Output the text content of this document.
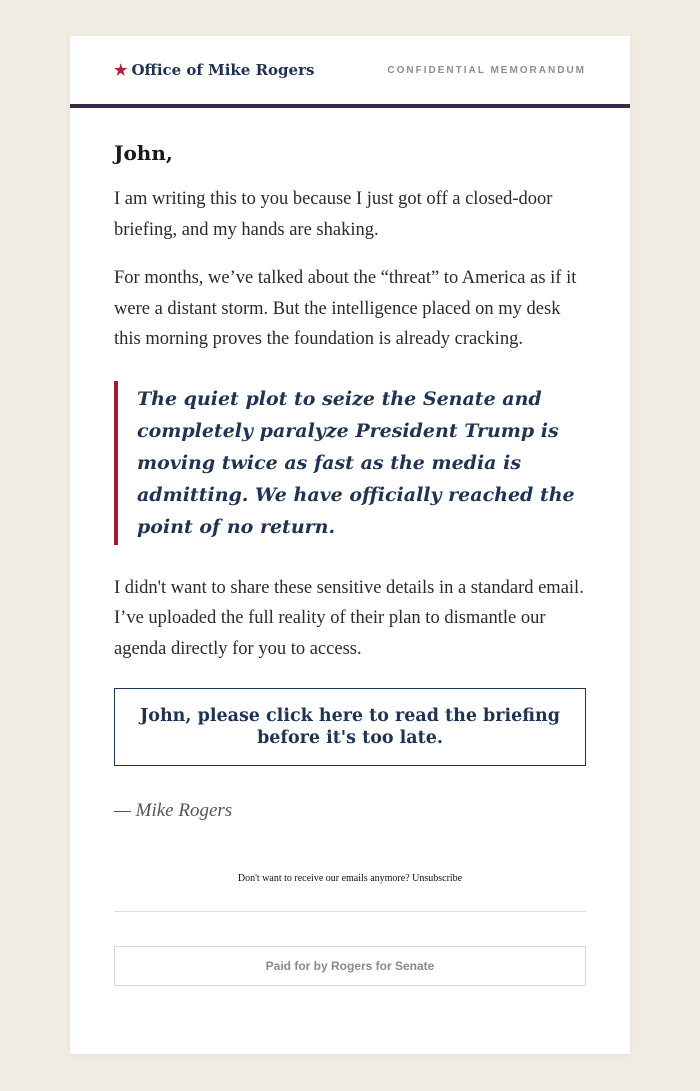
★ Office of Mike Rogers	CONFIDENTIAL MEMORANDUM
John,

I am writing this to you because I just got off a closed-door briefing, and my hands are shaking.

For months, we’ve talked about the “threat” to America as if it were a distant storm. But the intelligence placed on my desk this morning proves the foundation is already cracking.

The quiet plot to seize the Senate and completely paralyze President Trump is moving twice as fast as the media is admitting. We have officially reached the point of no return.

I didn't want to share these sensitive details in a standard email. I’ve uploaded the full reality of their plan to dismantle our agenda directly for you to access.

John, please click here to read the briefing before it's too late.
— Mike Rogers
Don't want to receive our emails anymore? Unsubscribe
Paid for by Rogers for Senate
